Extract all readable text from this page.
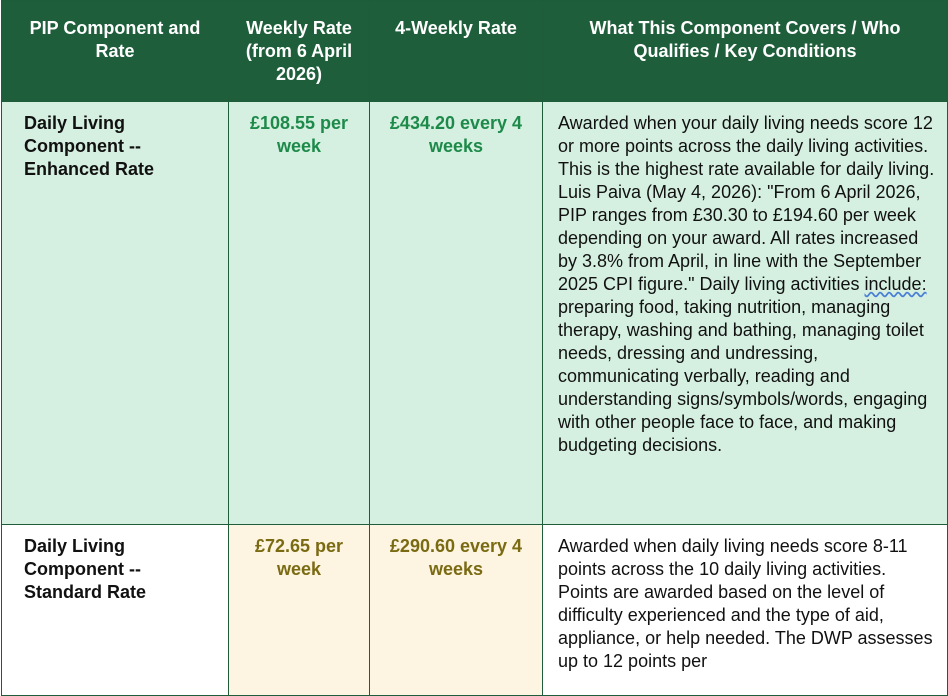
PIP Component and Rate	Weekly Rate (from 6 April 2026)	4-Weekly Rate	What This Component Covers / Who Qualifies / Key Conditions
Daily Living Component -- Enhanced Rate	£108.55 per week	£434.20 every 4 weeks	Awarded when your daily living needs score 12 or more points across the daily living activities. This is the highest rate available for daily living. Luis Paiva (May 4, 2026): "From 6 April 2026, PIP ranges from £30.30 to £194.60 per week depending on your award. All rates increased by 3.8% from April, in line with the September 2025 CPI figure." Daily living activities include: preparing food, taking nutrition, managing therapy, washing and bathing, managing toilet needs, dressing and undressing, communicating verbally, reading and understanding signs/symbols/words, engaging with other people face to face, and making budgeting decisions.
Daily Living Component -- Standard Rate	£72.65 per week	£290.60 every 4 weeks	Awarded when daily living needs score 8-11 points across the 10 daily living activities. Points are awarded based on the level of difficulty experienced and the type of aid, appliance, or help needed. The DWP assesses up to 12 points per
